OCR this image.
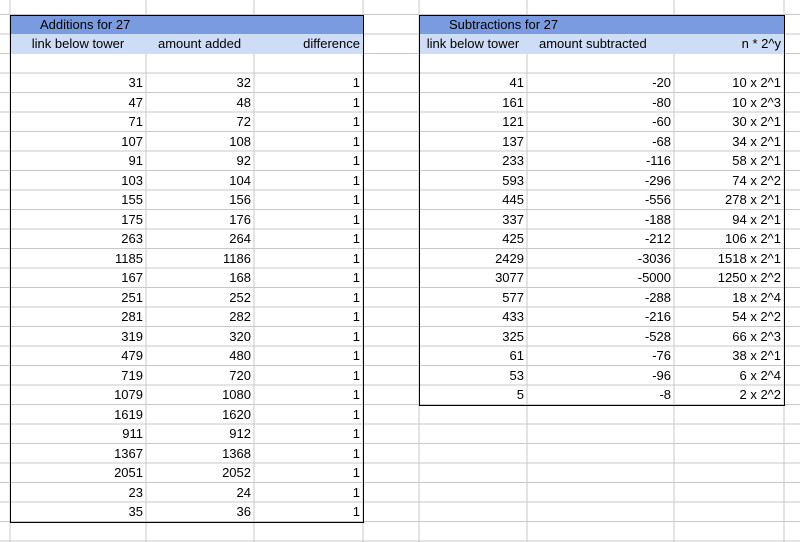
Additions for 27
link below tower	amount added	difference
31	32	1
47	48	1
71	72	1
107	108	1
91	92	1
103	104	1
155	156	1
175	176	1
263	264	1
1185	1186	1
167	168	1
251	252	1
281	282	1
319	320	1
479	480	1
719	720	1
1079	1080	1
1619	1620	1
911	912	1
1367	1368	1
2051	2052	1
23	24	1
35	36	1
Subtractions for 27
link below tower	amount subtracted	n * 2^y
41	-20	10 x 2^1
161	-80	10 x 2^3
121	-60	30 x 2^1
137	-68	34 x 2^1
233	-116	58 x 2^1
593	-296	74 x 2^2
445	-556	278 x 2^1
337	-188	94 x 2^1
425	-212	106 x 2^1
2429	-3036	1518 x 2^1
3077	-5000	1250 x 2^2
577	-288	18 x 2^4
433	-216	54 x 2^2
325	-528	66 x 2^3
61	-76	38 x 2^1
53	-96	6 x 2^4
5	-8	2 x 2^2
